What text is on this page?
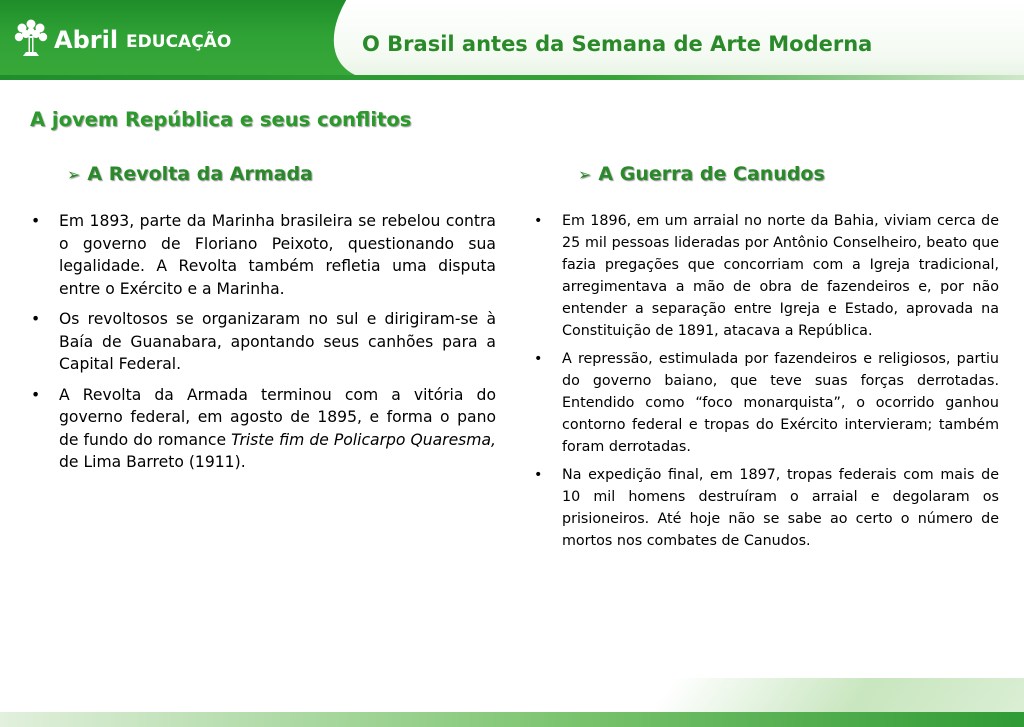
Abril EDUCAÇÃO	O Brasil antes da Semana de Arte Moderna
A jovem República e seus conflitos
➢ A Revolta da Armada	➢ A Guerra de Canudos
• Em 1893, parte da Marinha brasileira se rebelou contra o governo de Floriano Peixoto, questionando sua legalidade. A Revolta também refletia uma disputa entre o Exército e a Marinha.
• Os revoltosos se organizaram no sul e dirigiram-se à Baía de Guanabara, apontando seus canhões para a Capital Federal.
• A Revolta da Armada terminou com a vitória do governo federal, em agosto de 1895, e forma o pano de fundo do romance Triste fim de Policarpo Quaresma, de Lima Barreto (1911).
• Em 1896, em um arraial no norte da Bahia, viviam cerca de 25 mil pessoas lideradas por Antônio Conselheiro, beato que fazia pregações que concorriam com a Igreja tradicional, arregimentava a mão de obra de fazendeiros e, por não entender a separação entre Igreja e Estado, aprovada na Constituição de 1891, atacava a República.
• A repressão, estimulada por fazendeiros e religiosos, partiu do governo baiano, que teve suas forças derrotadas. Entendido como “foco monarquista”, o ocorrido ganhou contorno federal e tropas do Exército intervieram; também foram derrotadas.
• Na expedição final, em 1897, tropas federais com mais de 10 mil homens destruíram o arraial e degolaram os prisioneiros. Até hoje não se sabe ao certo o número de mortos nos combates de Canudos.
